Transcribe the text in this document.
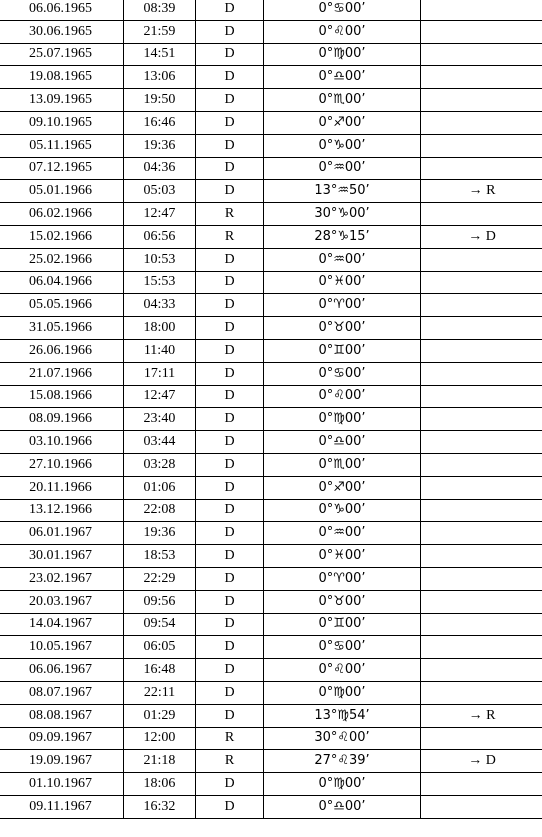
06.06.1965	08:39	D	0°♋00’	
30.06.1965	21:59	D	0°♌00’	
25.07.1965	14:51	D	0°♍00’	
19.08.1965	13:06	D	0°♎00’	
13.09.1965	19:50	D	0°♏00’	
09.10.1965	16:46	D	0°♐00’	
05.11.1965	19:36	D	0°♑00’	
07.12.1965	04:36	D	0°♒00’	
05.01.1966	05:03	D	13°♒50’	→ R
06.02.1966	12:47	R	30°♑00’	
15.02.1966	06:56	R	28°♑15’	→ D
25.02.1966	10:53	D	0°♒00’	
06.04.1966	15:53	D	0°♓00’	
05.05.1966	04:33	D	0°♈00’	
31.05.1966	18:00	D	0°♉00’	
26.06.1966	11:40	D	0°♊00’	
21.07.1966	17:11	D	0°♋00’	
15.08.1966	12:47	D	0°♌00’	
08.09.1966	23:40	D	0°♍00’	
03.10.1966	03:44	D	0°♎00’	
27.10.1966	03:28	D	0°♏00’	
20.11.1966	01:06	D	0°♐00’	
13.12.1966	22:08	D	0°♑00’	
06.01.1967	19:36	D	0°♒00’	
30.01.1967	18:53	D	0°♓00’	
23.02.1967	22:29	D	0°♈00’	
20.03.1967	09:56	D	0°♉00’	
14.04.1967	09:54	D	0°♊00’	
10.05.1967	06:05	D	0°♋00’	
06.06.1967	16:48	D	0°♌00’	
08.07.1967	22:11	D	0°♍00’	
08.08.1967	01:29	D	13°♍54’	→ R
09.09.1967	12:00	R	30°♌00’	
19.09.1967	21:18	R	27°♌39’	→ D
01.10.1967	18:06	D	0°♍00’	
09.11.1967	16:32	D	0°♎00’	
